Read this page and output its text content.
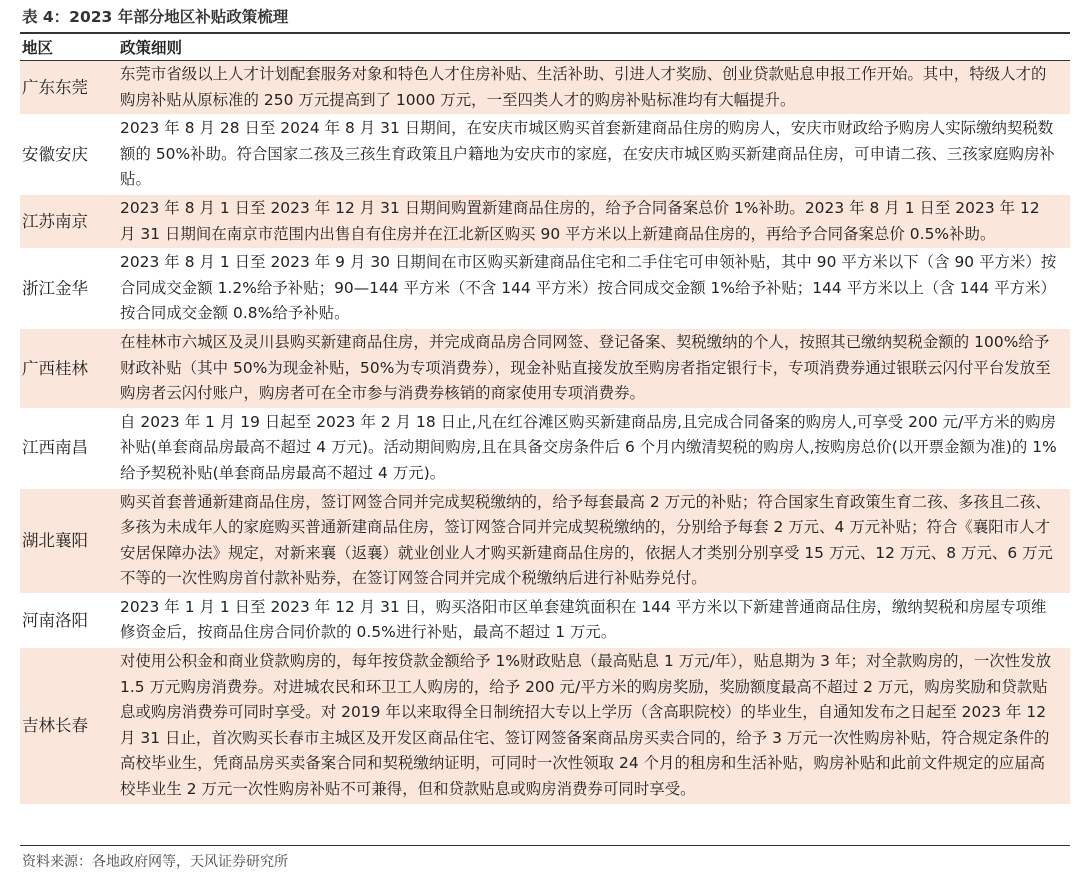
表 4：2023 年部分地区补贴政策梳理
地区	政策细则
广东东莞	东莞市省级以上人才计划配套服务对象和特色人才住房补贴、生活补助、引进人才奖励、创业贷款贴息申报工作开始。其中，特级人才的购房补贴从原标准的 250 万元提高到了 1000 万元，一至四类人才的购房补贴标准均有大幅提升。
安徽安庆	2023 年 8 月 28 日至 2024 年 8 月 31 日期间，在安庆市城区购买首套新建商品住房的购房人，安庆市财政给予购房人实际缴纳契税数额的 50%补助。符合国家二孩及三孩生育政策且户籍地为安庆市的家庭，在安庆市城区购买新建商品住房，可申请二孩、三孩家庭购房补贴。
江苏南京	2023 年 8 月 1 日至 2023 年 12 月 31 日期间购置新建商品住房的，给予合同备案总价 1%补助。2023 年 8 月 1 日至 2023 年 12 月 31 日期间在南京市范围内出售自有住房并在江北新区购买 90 平方米以上新建商品住房的，再给予合同备案总价 0.5%补助。
浙江金华	2023 年 8 月 1 日至 2023 年 9 月 30 日期间在市区购买新建商品住宅和二手住宅可申领补贴，其中 90 平方米以下（含 90 平方米）按合同成交金额 1.2%给予补贴；90—144 平方米（不含 144 平方米）按合同成交金额 1%给予补贴；144 平方米以上（含 144 平方米）按合同成交金额 0.8%给予补贴。
广西桂林	在桂林市六城区及灵川县购买新建商品住房，并完成商品房合同网签、登记备案、契税缴纳的个人，按照其已缴纳契税金额的 100%给予财政补贴（其中 50%为现金补贴，50%为专项消费券），现金补贴直接发放至购房者指定银行卡，专项消费券通过银联云闪付平台发放至购房者云闪付账户，购房者可在全市参与消费券核销的商家使用专项消费券。
江西南昌	自 2023 年 1 月 19 日起至 2023 年 2 月 18 日止,凡在红谷滩区购买新建商品房,且完成合同备案的购房人,可享受 200 元/平方米的购房补贴(单套商品房最高不超过 4 万元)。活动期间购房,且在具备交房条件后 6 个月内缴清契税的购房人,按购房总价(以开票金额为准)的 1%给予契税补贴(单套商品房最高不超过 4 万元)。
湖北襄阳	购买首套普通新建商品住房，签订网签合同并完成契税缴纳的，给予每套最高 2 万元的补贴；符合国家生育政策生育二孩、多孩且二孩、多孩为未成年人的家庭购买普通新建商品住房，签订网签合同并完成契税缴纳的，分别给予每套 2 万元、4 万元补贴；符合《襄阳市人才安居保障办法》规定，对新来襄（返襄）就业创业人才购买新建商品住房的，依据人才类别分别享受 15 万元、12 万元、8 万元、6 万元不等的一次性购房首付款补贴券，在签订网签合同并完成个税缴纳后进行补贴券兑付。
河南洛阳	2023 年 1 月 1 日至 2023 年 12 月 31 日，购买洛阳市区单套建筑面积在 144 平方米以下新建普通商品住房，缴纳契税和房屋专项维修资金后，按商品住房合同价款的 0.5%进行补贴，最高不超过 1 万元。
吉林长春	对使用公积金和商业贷款购房的，每年按贷款金额给予 1%财政贴息（最高贴息 1 万元/年），贴息期为 3 年；对全款购房的，一次性发放 1.5 万元购房消费券。对进城农民和环卫工人购房的，给予 200 元/平方米的购房奖励，奖励额度最高不超过 2 万元，购房奖励和贷款贴息或购房消费券可同时享受。对 2019 年以来取得全日制统招大专以上学历（含高职院校）的毕业生，自通知发布之日起至 2023 年 12 月 31 日止，首次购买长春市主城区及开发区商品住宅、签订网签备案商品房买卖合同的，给予 3 万元一次性购房补贴，符合规定条件的高校毕业生，凭商品房买卖备案合同和契税缴纳证明，可同时一次性领取 24 个月的租房和生活补贴，购房补贴和此前文件规定的应届高校毕业生 2 万元一次性购房补贴不可兼得，但和贷款贴息或购房消费券可同时享受。
资料来源：各地政府网等，天风证券研究所
